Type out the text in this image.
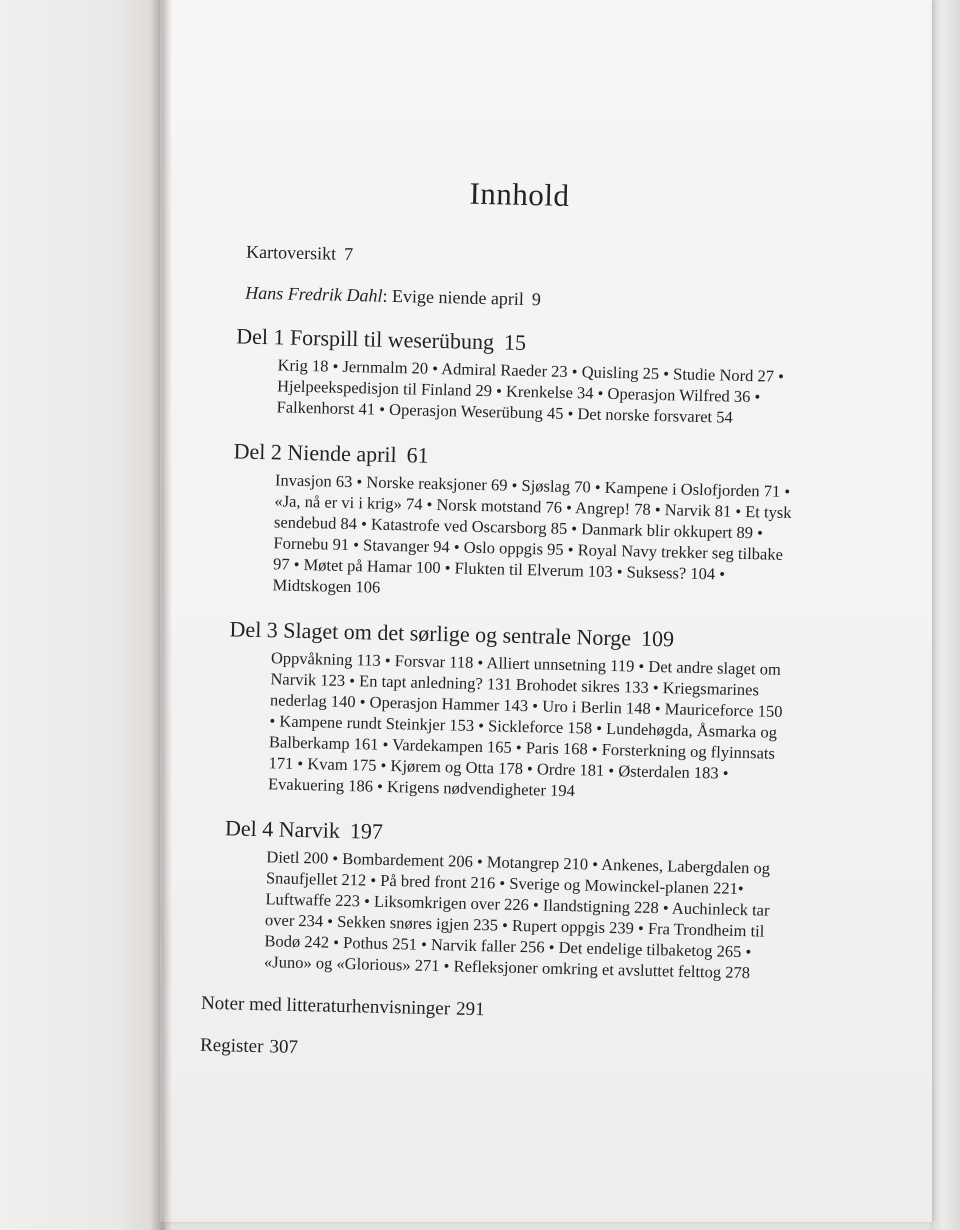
Innhold
Kartoversikt 7
Hans Fredrik Dahl: Evige niende april 9
Del 1 Forspill til weserübung 15
Krig 18 • Jernmalm 20 • Admiral Raeder 23 • Quisling 25 • Studie Nord 27 • Hjelpeekspedisjon til Finland 29 • Krenkelse 34 • Operasjon Wilfred 36 • Falkenhorst 41 • Operasjon Weserübung 45 • Det norske forsvaret 54
Del 2 Niende april 61
Invasjon 63 • Norske reaksjoner 69 • Sjøslag 70 • Kampene i Oslofjorden 71 • «Ja, nå er vi i krig» 74 • Norsk motstand 76 • Angrep! 78 • Narvik 81 • Et tysk sendebud 84 • Katastrofe ved Oscarsborg 85 • Danmark blir okkupert 89 • Fornebu 91 • Stavanger 94 • Oslo oppgis 95 • Royal Navy trekker seg tilbake 97 • Møtet på Hamar 100 • Flukten til Elverum 103 • Suksess? 104 • Midtskogen 106
Del 3 Slaget om det sørlige og sentrale Norge 109
Oppvåkning 113 • Forsvar 118 • Alliert unnsetning 119 • Det andre slaget om Narvik 123 • En tapt anledning? 131 Brohodet sikres 133 • Kriegsmarines nederlag 140 • Operasjon Hammer 143 • Uro i Berlin 148 • Mauriceforce 150 • Kampene rundt Steinkjer 153 • Sickleforce 158 • Lundehøgda, Åsmarka og Balberkamp 161 • Vardekampen 165 • Paris 168 • Forsterkning og flyinnsats 171 • Kvam 175 • Kjørem og Otta 178 • Ordre 181 • Østerdalen 183 • Evakuering 186 • Krigens nødvendigheter 194
Del 4 Narvik 197
Dietl 200 • Bombardement 206 • Motangrep 210 • Ankenes, Labergdalen og Snaufjellet 212 • På bred front 216 • Sverige og Mowinckel-planen 221• Luftwaffe 223 • Liksomkrigen over 226 • Ilandstigning 228 • Auchinleck tar over 234 • Sekken snøres igjen 235 • Rupert oppgis 239 • Fra Trondheim til Bodø 242 • Pothus 251 • Narvik faller 256 • Det endelige tilbaketog 265 • «Juno» og «Glorious» 271 • Refleksjoner omkring et avsluttet felttog 278
Noter med litteraturhenvisninger 291
Register 307
